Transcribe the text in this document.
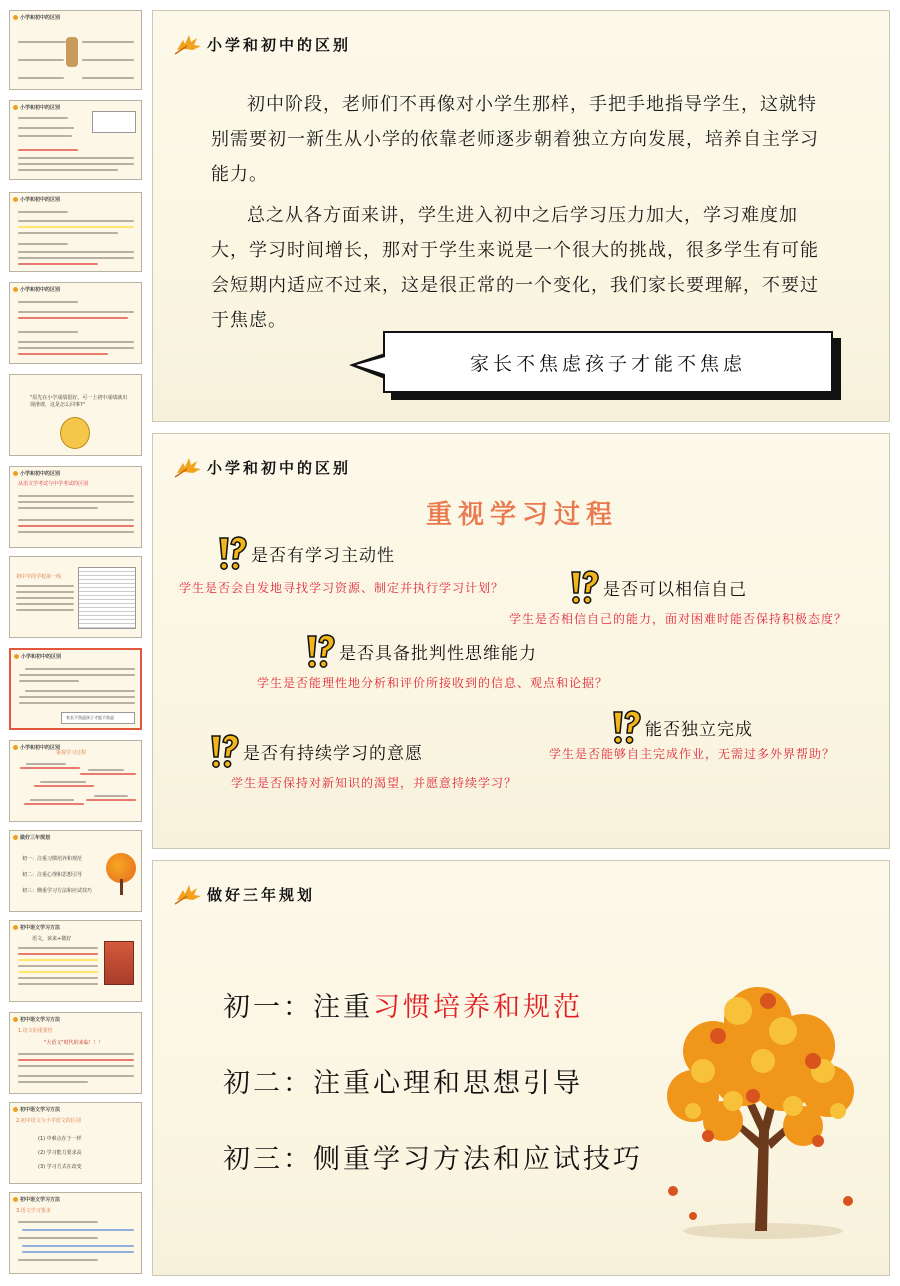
小学和初中的区别
小学和初中的区别
小学和初中的区别
小学和初中的区别
"原先在小学成绩很好，可一上初中成绩就出现滑坡，这是怎么回事?"
小学和初中的区别
从语文学考试与中学考试的区别
初中学段学校第一线
小学和初中的区别
家长不焦虑孩子才能不焦虑
小学和初中的区别
重视学习过程
做好三年规划
初一：注重习惯培养和规范
初二：注重心理和思想引导
初三：侧重学习方法和应试技巧
初中语文学习方法
语文，该来+微好
初中语文学习方法
1.语文的重要性
"大语文"时代的来临！！！
初中语文学习方法
2.初中语文与小学语文的区别
(1) 中难点在于一样
(2) 学习能力要求高
(3) 学习方式在改变
初中语文学习方法
3.语文学习要求
小学和初中的区别
初中阶段，老师们不再像对小学生那样，手把手地指导学生，这就特别需要初一新生从小学的依靠老师逐步朝着独立方向发展，培养自主学习能力。
总之从各方面来讲，学生进入初中之后学习压力加大，学习难度加大，学习时间增长，那对于学生来说是一个很大的挑战，很多学生有可能会短期内适应不过来，这是很正常的一个变化，我们家长要理解，不要过于焦虑。
家长不焦虑孩子才能不焦虑
小学和初中的区别
重视学习过程
是否有学习主动性
学生是否会自发地寻找学习资源、制定并执行学习计划？	是否可以相信自己
学生是否相信自己的能力，面对困难时能否保持积极态度？
是否具备批判性思维能力
学生是否能理性地分析和评价所接收到的信息、观点和论据？
能否独立完成
学生是否能够自主完成作业，无需过多外界帮助？
是否有持续学习的意愿
学生是否保持对新知识的渴望，并愿意持续学习？
做好三年规划
初一：注重习惯培养和规范
初二：注重心理和思想引导
初三：侧重学习方法和应试技巧
